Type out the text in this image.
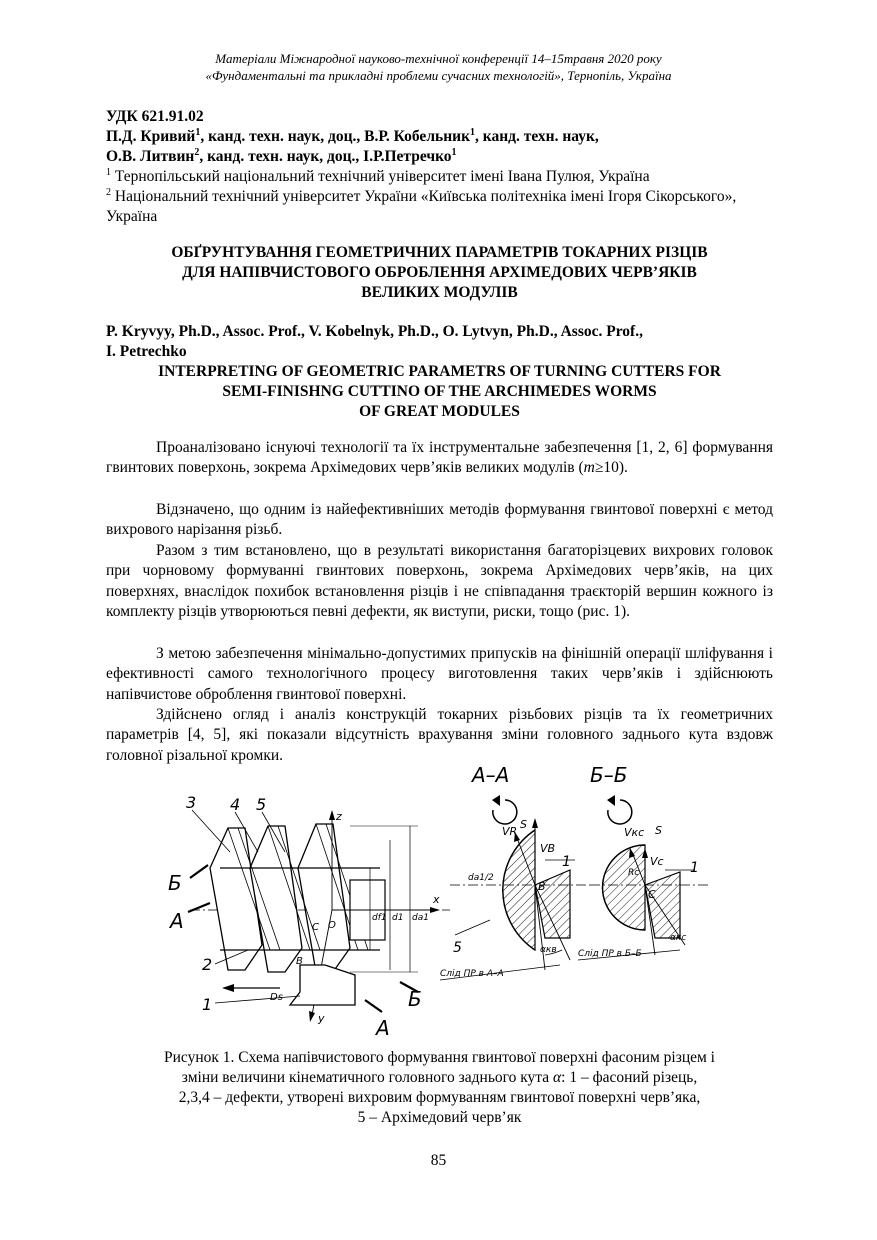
Матеріали Міжнародної науково-технічної конференції 14–15травня 2020 року
«Фундаментальні та прикладні проблеми сучасних технологій», Тернопіль, Україна
УДК 621.91.02
П.Д. Кривий$^1$, канд. техн. наук, доц., В.Р. Кобельник$^1$, канд. техн. наук,
О.В. Литвин$^2$, канд. техн. наук, доц., І.Р.Петречко$^1$
$^1$ Тернопільський національний технічний університет імені Івана Пулюя, Україна
$^2$ Національний технічний університет України «Київська політехніка імені Ігоря Сікорського», Україна
ОБҐРУНТУВАННЯ ГЕОМЕТРИЧНИХ ПАРАМЕТРІВ ТОКАРНИХ РІЗЦІВ
ДЛЯ НАПІВЧИСТОВОГО ОБРОБЛЕННЯ АРХІМЕДОВИХ ЧЕРВ’ЯКІВ
ВЕЛИКИХ МОДУЛІВ
P. Kryvyy, Ph.D., Assoc. Prof., V. Kobelnyk, Ph.D., O. Lytvyn, Ph.D., Assoc. Prof.,
I. Petrechko
INTERPRETING OF GEOMETRIC PARAMETRS OF TURNING CUTTERS FOR
SEMI-FINISHNG CUTTINO OF THE ARCHIMEDES WORMS
OF GREAT MODULES
Проаналізовано існуючі технології та їх інструментальне забезпечення [1, 2, 6] формування гвинтових поверхонь, зокрема Архімедових черв’яків великих модулів (m≥10).
Відзначено, що одним із найефективніших методів формування гвинтової поверхні є метод вихрового нарізання різьб.
Разом з тим встановлено, що в результаті використання багаторізцевих вихрових головок при чорновому формуванні гвинтових поверхонь, зокрема Архімедових черв’яків, на цих поверхнях, внаслідок похибок встановлення різців і не співпадання траєкторій вершин кожного із комплекту різців утворюються певні дефекти, як виступи, риски, тощо (рис. 1).
З метою забезпечення мінімально-допустимих припусків на фінішній операції шліфування і ефективності самого технологічного процесу виготовлення таких черв’яків і здійснюють напівчистове оброблення гвинтової поверхні.
Здійснено огляд і аналіз конструкцій токарних різьбових різців та їх геометричних параметрів [4, 5], які показали відсутність врахування зміни головного заднього кута вздовж головної різальної кромки.
3 4 5
2
1
Б
А
Б
А
z
x
y
Ds
B
C O
df1 d1 da1
А–А
VB
VR
S
B
da1/2
αкв
1
5
Слід ПР в А–А
Б–Б
Vc
Vкс S
C
Rc
αкс
1
Слід ПР в Б–Б
Рисунок 1. Схема напівчистового формування гвинтової поверхні фасоним різцем і
зміни величини кінематичного головного заднього кута α: 1 – фасоний різець,
2,3,4 – дефекти, утворені вихровим формуванням гвинтової поверхні черв’яка,
5 – Архімедовий черв’як
85
